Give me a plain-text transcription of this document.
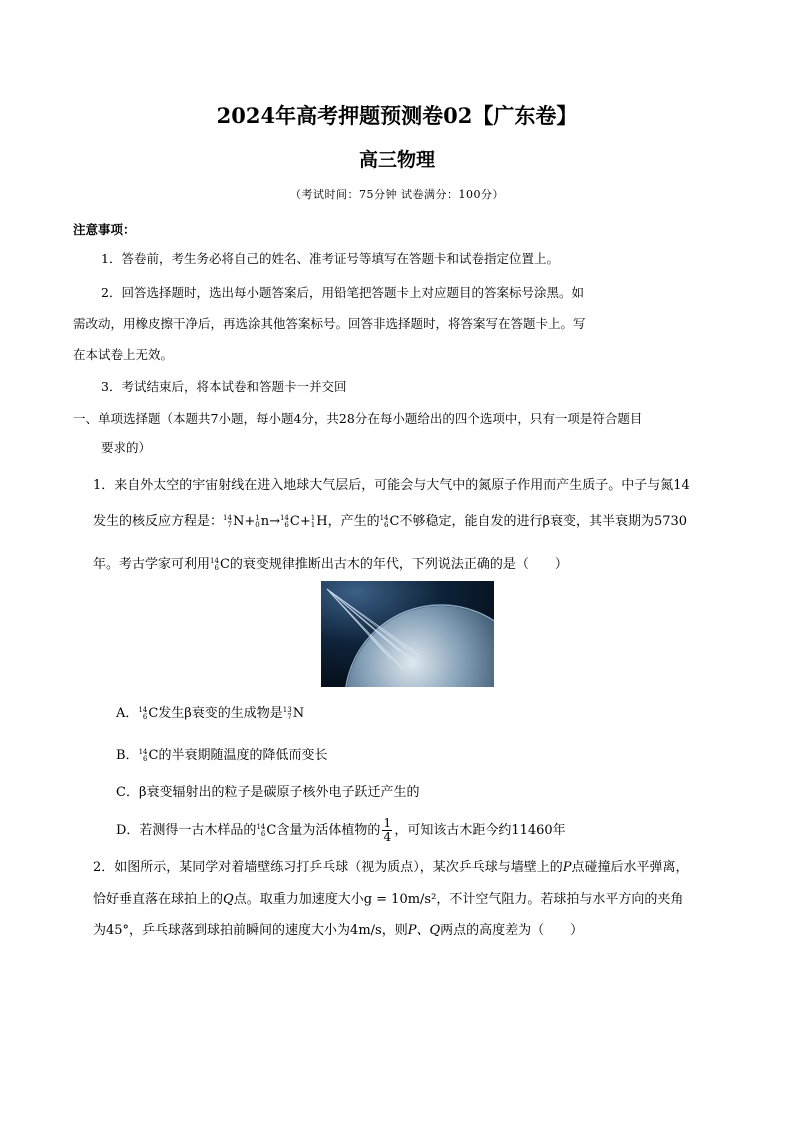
2024年高考押题预测卷02【广东卷】
高三物理
（考试时间：75分钟 试卷满分：100分）
注意事项：
1．答卷前，考生务必将自己的姓名、准考证号等填写在答题卡和试卷指定位置上。
2．回答选择题时，选出每小题答案后，用铅笔把答题卡上对应题目的答案标号涂黑。如
需改动，用橡皮擦干净后，再选涂其他答案标号。回答非选择题时，将答案写在答题卡上。写
在本试卷上无效。
3．考试结束后，将本试卷和答题卡一并交回
一、单项选择题（本题共7小题，每小题4分，共28分在每小题给出的四个选项中，只有一项是符合题目
要求的）
1．来自外太空的宇宙射线在进入地球大气层后，可能会与大气中的氮原子作用而产生质子。中子与氮14
发生的核反应方程是： 14
7 N+ 1
0 n→ 14
6 C+ 1
1 H，产生的 14
6 C不够稳定，能自发的进行β衰变，其半衰期为5730
年。考古学家可利用 14
6 C的衰变规律推断出古木的年代，下列说法正确的是（　　）
A． 14
6 C发生β衰变的生成物是 13
7 N
B． 14
6 C的半衰期随温度的降低而变长
C．β衰变辐射出的粒子是碳原子核外电子跃迁产生的
D．若测得一古木样品的 14
6 C含量为活体植物的 $\frac{1}{4}$ ，可知该古木距今约11460年
2．如图所示，某同学对着墙壁练习打乒乓球（视为质点），某次乒乓球与墙壁上的P点碰撞后水平弹离，
恰好垂直落在球拍上的Q点。取重力加速度大小g = 10m/s²，不计空气阻力。若球拍与水平方向的夹角
为45°，乒乓球落到球拍前瞬间的速度大小为4m/s，则P、Q两点的高度差为（　　）
